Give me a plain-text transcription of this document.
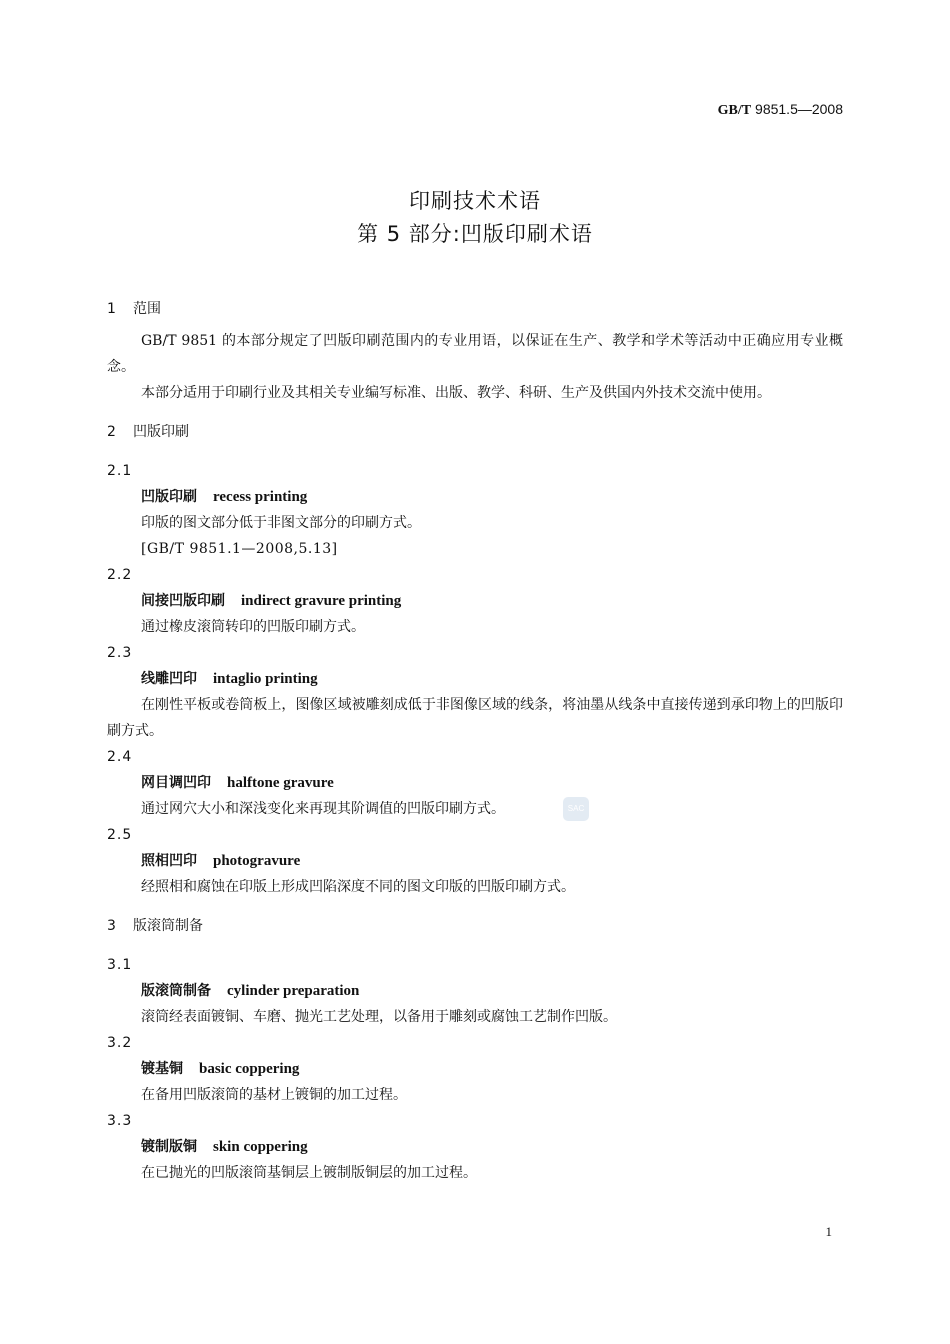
GB/T 9851.5—2008
印刷技术术语
第 5 部分:凹版印刷术语
1 范围
GB/T 9851 的本部分规定了凹版印刷范围内的专业用语，以保证在生产、教学和学术等活动中正确应用专业概念。
本部分适用于印刷行业及其相关专业编写标准、出版、教学、科研、生产及供国内外技术交流中使用。
2 凹版印刷
2.1
凹版印刷 recess printing
印版的图文部分低于非图文部分的印刷方式。
[GB/T 9851.1—2008,5.13]
2.2
间接凹版印刷 indirect gravure printing
通过橡皮滚筒转印的凹版印刷方式。
2.3
线雕凹印 intaglio printing
在刚性平板或卷筒板上，图像区域被雕刻成低于非图像区域的线条，将油墨从线条中直接传递到承印物上的凹版印刷方式。
2.4
网目调凹印 halftone gravure
通过网穴大小和深浅变化来再现其阶调值的凹版印刷方式。
2.5
照相凹印 photogravure
经照相和腐蚀在印版上形成凹陷深度不同的图文印版的凹版印刷方式。
3 版滚筒制备
3.1
版滚筒制备 cylinder preparation
滚筒经表面镀铜、车磨、抛光工艺处理，以备用于雕刻或腐蚀工艺制作凹版。
3.2
镀基铜 basic coppering
在备用凹版滚筒的基材上镀铜的加工过程。
3.3
镀制版铜 skin coppering
在已抛光的凹版滚筒基铜层上镀制版铜层的加工过程。
SAC
1
